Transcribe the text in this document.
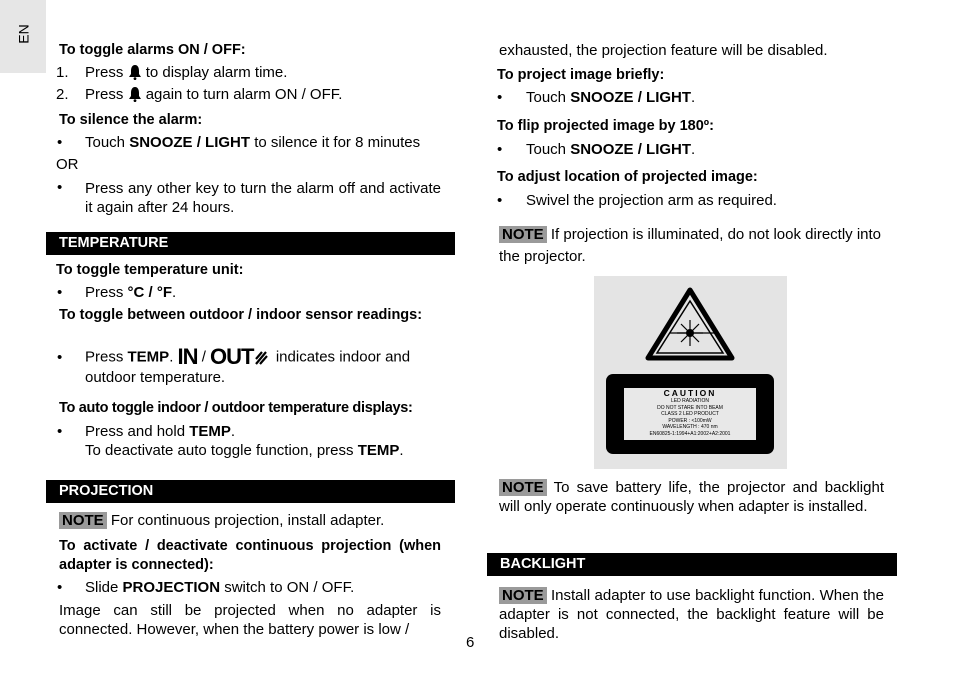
EN
To toggle alarms ON / OFF:
1. Press to display alarm time.
2. Press again to turn alarm ON / OFF.
To silence the alarm:
• Touch SNOOZE / LIGHT to silence it for 8 minutes
OR
• Press any other key to turn the alarm off and activate it again after 24 hours.
TEMPERATURE
To toggle temperature unit:
• Press °C / °F.
To toggle between outdoor / indoor sensor readings:
• Press TEMP. IN / OUT indicates indoor and
outdoor temperature.
To auto toggle indoor / outdoor temperature displays:
• Press and hold TEMP.
To deactivate auto toggle function, press TEMP.
PROJECTION
NOTE For continuous projection, install adapter.
To activate / deactivate continuous projection (when adapter is connected):
• Slide PROJECTION switch to ON / OFF.
Image can still be projected when no adapter is connected. However, when the battery power is low /
6
exhausted, the projection feature will be disabled.
To project image briefly:
• Touch SNOOZE / LIGHT.
To flip projected image by 180º:
• Touch SNOOZE / LIGHT.
To adjust location of projected image:
• Swivel the projection arm as required.
NOTE If projection is illuminated, do not look directly into the projector.
CAUTION
LED RADIATION
DO NOT STARE INTO BEAM
CLASS 2 LED PRODUCT
POWER : <100mW
WAVELENGTH : 470 nm
EN60825-1:1994+A1:2002+A2:2001
NOTE To save battery life, the projector and backlight will only operate continuously when adapter is installed.
BACKLIGHT
NOTE Install adapter to use backlight function. When the adapter is not connected, the backlight feature will be disabled.
